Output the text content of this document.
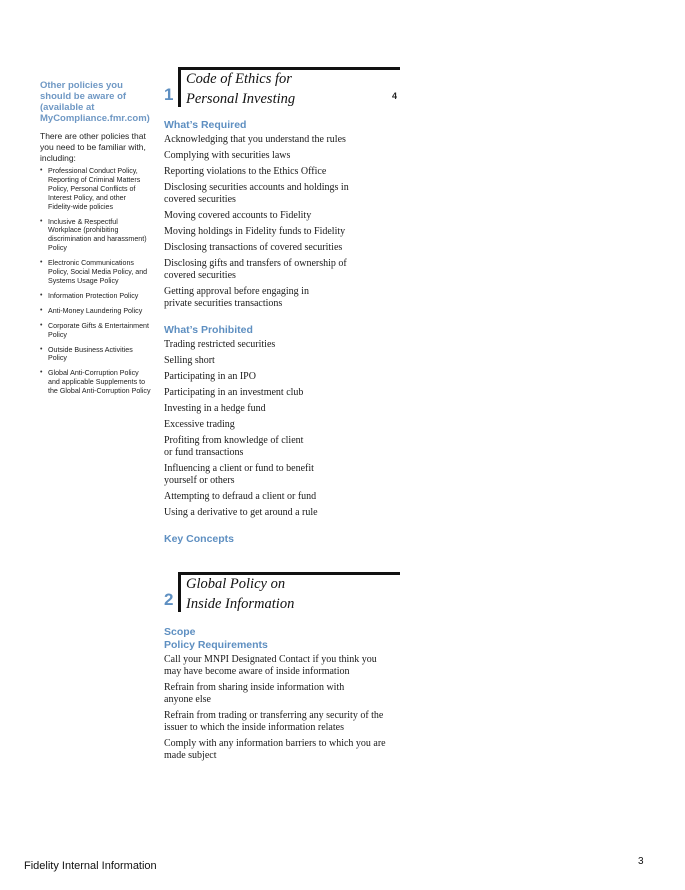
Other policies you should be aware of (available at MyCompliance.fmr.com)

There are other policies that you need to be familiar with, including:

• Professional Conduct Policy, Reporting of Criminal Matters Policy, Personal Conflicts of Interest Policy, and other Fidelity-wide policies
• Inclusive & Respectful Workplace (prohibiting discrimination and harassment) Policy
• Electronic Communications Policy, Social Media Policy, and Systems Usage Policy
• Information Protection Policy
• Anti-Money Laundering Policy
• Corporate Gifts & Entertainment Policy
• Outside Business Activities Policy
• Global Anti-Corruption Policy and applicable Supplements to the Global Anti-Corruption Policy
1
Code of Ethics for
Personal Investing	4

What’s Required

Acknowledging that you understand the rules
Complying with securities laws
Reporting violations to the Ethics Office
Disclosing securities accounts and holdings in covered securities
Moving covered accounts to Fidelity
Moving holdings in Fidelity funds to Fidelity
Disclosing transactions of covered securities
Disclosing gifts and transfers of ownership of covered securities
Getting approval before engaging in private securities transactions

What’s Prohibited

Trading restricted securities
Selling short
Participating in an IPO
Participating in an investment club
Investing in a hedge fund
Excessive trading
Profiting from knowledge of client or fund transactions
Influencing a client or fund to benefit yourself or others
Attempting to defraud a client or fund
Using a derivative to get around a rule

Key Concepts

2
Global Policy on
Inside Information

Scope

Policy Requirements

Call your MNPI Designated Contact if you think you may have become aware of inside information
Refrain from sharing inside information with anyone else
Refrain from trading or transferring any security of the issuer to which the inside information relates
Comply with any information barriers to which you are made subject
Fidelity Internal Information	3
